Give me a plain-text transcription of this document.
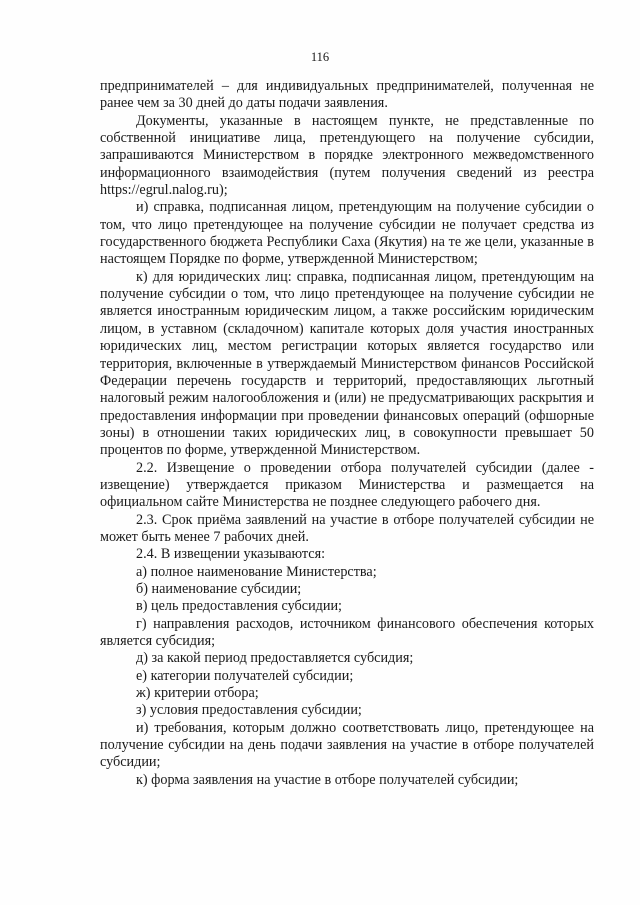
116

предпринимателей – для индивидуальных предпринимателей, полученная не ранее чем за 30 дней до даты подачи заявления.

Документы, указанные в настоящем пункте, не представленные по собственной инициативе лица, претендующего на получение субсидии, запрашиваются Министерством в порядке электронного межведомственного информационного взаимодействия (путем получения сведений из реестра https://egrul.nalog.ru);

и) справка, подписанная лицом, претендующим на получение субсидии о том, что лицо претендующее на получение субсидии не получает средства из государственного бюджета Республики Саха (Якутия) на те же цели, указанные в настоящем Порядке по форме, утвержденной Министерством;

к) для юридических лиц: справка, подписанная лицом, претендующим на получение субсидии о том, что лицо претендующее на получение субсидии не является иностранным юридическим лицом, а также российским юридическим лицом, в уставном (складочном) капитале которых доля участия иностранных юридических лиц, местом регистрации которых является государство или территория, включенные в утверждаемый Министерством финансов Российской Федерации перечень государств и территорий, предоставляющих льготный налоговый режим налогообложения и (или) не предусматривающих раскрытия и предоставления информации при проведении финансовых операций (офшорные зоны) в отношении таких юридических лиц, в совокупности превышает 50 процентов по форме, утвержденной Министерством.

2.2. Извещение о проведении отбора получателей субсидии (далее - извещение) утверждается приказом Министерства и размещается на официальном сайте Министерства не позднее следующего рабочего дня.

2.3. Срок приёма заявлений на участие в отборе получателей субсидии не может быть менее 7 рабочих дней.

2.4. В извещении указываются:

а) полное наименование Министерства;

б) наименование субсидии;

в) цель предоставления субсидии;

г) направления расходов, источником финансового обеспечения которых является субсидия;

д) за какой период предоставляется субсидия;

е) категории получателей субсидии;

ж) критерии отбора;

з) условия предоставления субсидии;

и) требования, которым должно соответствовать лицо, претендующее на получение субсидии на день подачи заявления на участие в отборе получателей субсидии;

к) форма заявления на участие в отборе получателей субсидии;
